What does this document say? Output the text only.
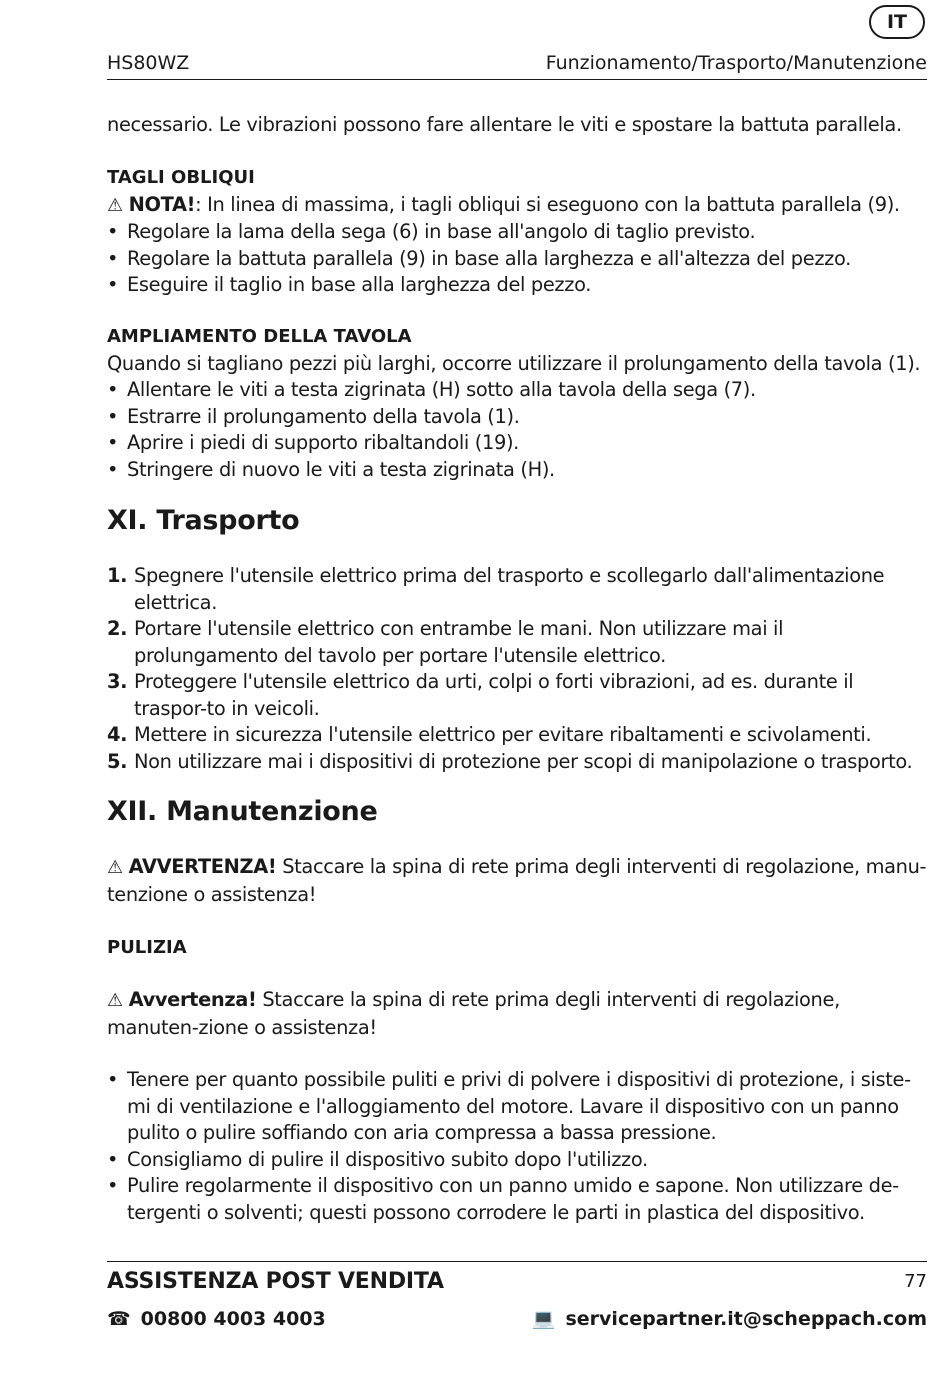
IT
HS80WZ	Funzionamento/Trasporto/Manutenzione

necessario. Le vibrazioni possono fare allentare le viti e spostare la battuta parallela.

TAGLI OBLIQUI
⚠ NOTA!: In linea di massima, i tagli obliqui si eseguono con la battuta parallela (9).
• Regolare la lama della sega (6) in base all'angolo di taglio previsto.
• Regolare la battuta parallela (9) in base alla larghezza e all'altezza del pezzo.
• Eseguire il taglio in base alla larghezza del pezzo.
AMPLIAMENTO DELLA TAVOLA
Quando si tagliano pezzi più larghi, occorre utilizzare il prolungamento della tavola (1).
• Allentare le viti a testa zigrinata (H) sotto alla tavola della sega (7).
• Estrarre il prolungamento della tavola (1).
• Aprire i piedi di supporto ribaltandoli (19).
• Stringere di nuovo le viti a testa zigrinata (H).
XI. Trasporto
1. Spegnere l'utensile elettrico prima del trasporto e scollegarlo dall'alimentazione elettrica.
2. Portare l'utensile elettrico con entrambe le mani. Non utilizzare mai il prolungamento del tavolo per portare l'utensile elettrico.
3. Proteggere l'utensile elettrico da urti, colpi o forti vibrazioni, ad es. durante il traspor-to in veicoli.
4. Mettere in sicurezza l'utensile elettrico per evitare ribaltamenti e scivolamenti.
5. Non utilizzare mai i dispositivi di protezione per scopi di manipolazione o trasporto.
XII. Manutenzione
⚠ AVVERTENZA! Staccare la spina di rete prima degli interventi di regolazione, manu-tenzione o assistenza!
PULIZIA
⚠ Avvertenza! Staccare la spina di rete prima degli interventi di regolazione, manuten-zione o assistenza!
• Tenere per quanto possibile puliti e privi di polvere i dispositivi di protezione, i siste-mi di ventilazione e l'alloggiamento del motore. Lavare il dispositivo con un panno pulito o pulire soffiando con aria compressa a bassa pressione.
• Consigliamo di pulire il dispositivo subito dopo l'utilizzo.
• Pulire regolarmente il dispositivo con un panno umido e sapone. Non utilizzare de-tergenti o solventi; questi possono corrodere le parti in plastica del dispositivo.
ASSISTENZA POST VENDITA	77
☎ 00800 4003 4003	💻 servicepartner.it@scheppach.com
